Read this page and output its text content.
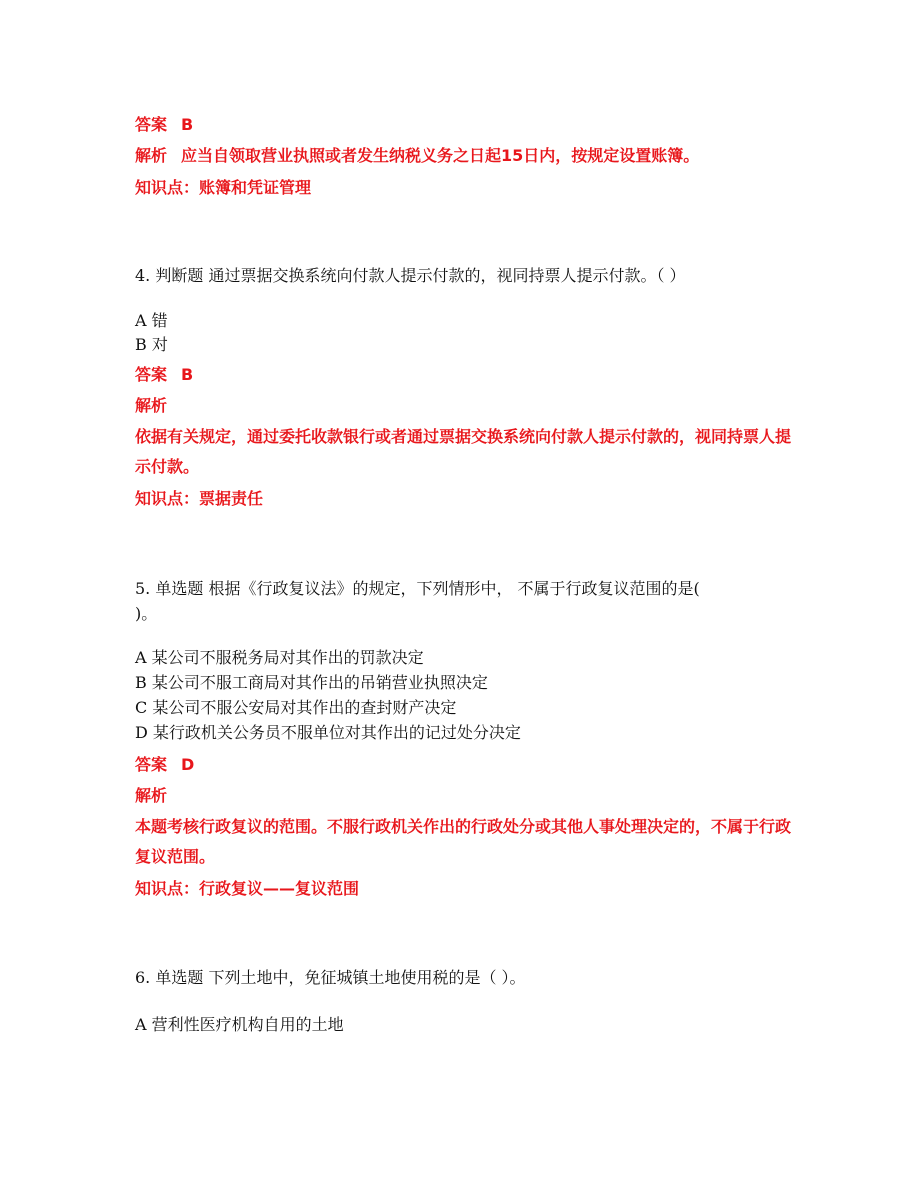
答案 B
解析 应当自领取营业执照或者发生纳税义务之日起15日内，按规定设置账簿。
知识点：账簿和凭证管理
4. 判断题 通过票据交换系统向付款人提示付款的，视同持票人提示付款。（ ）
A 错
B 对
答案 B
解析
依据有关规定，通过委托收款银行或者通过票据交换系统向付款人提示付款的，视同持票人提示付款。
知识点：票据责任
5. 单选题 根据《行政复议法》的规定，下列情形中， 不属于行政复议范围的是(
)。
A 某公司不服税务局对其作出的罚款决定
B 某公司不服工商局对其作出的吊销营业执照决定
C 某公司不服公安局对其作出的查封财产决定
D 某行政机关公务员不服单位对其作出的记过处分决定
答案 D
解析
本题考核行政复议的范围。不服行政机关作出的行政处分或其他人事处理决定的，不属于行政复议范围。
知识点：行政复议——复议范围
6. 单选题 下列土地中，免征城镇土地使用税的是（ ）。
A 营利性医疗机构自用的土地
